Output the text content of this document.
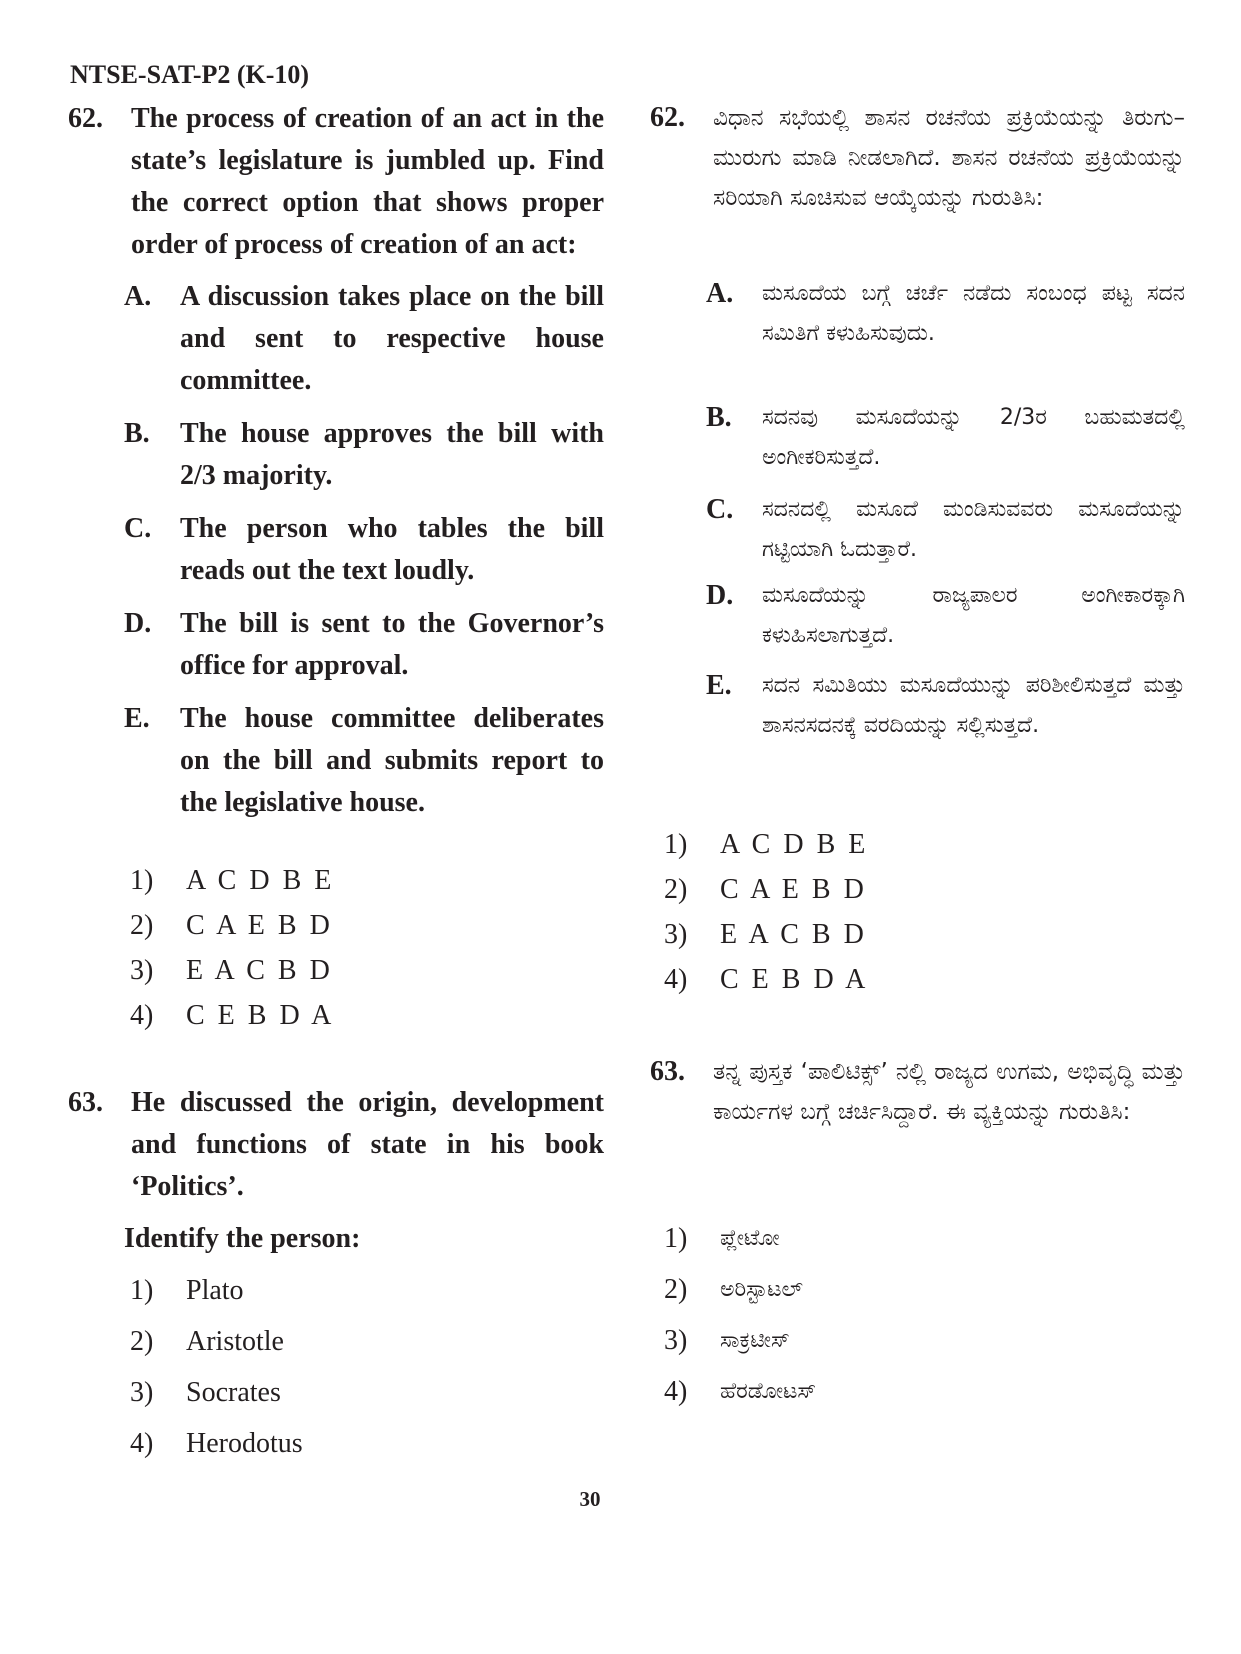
NTSE-SAT-P2 (K-10)
62.	The process of creation of an act in the state’s legislature is jumbled up. Find the correct option that shows proper order of process of creation of an act:
A.	A discussion takes place on the bill and sent to respective house committee.
B.	The house approves the bill with 2/3 majority.
C.	The person who tables the bill reads out the text loudly.
D.	The bill is sent to the Governor’s office for approval.
E.	The house committee deliberates on the bill and submits report to the legislative house.
1)	A C D B E
2)	C A E B D
3)	E A C B D
4)	C E B D A
63.	He discussed the origin, development and functions of state in his book ‘Politics’.
Identify the person:
1)	Plato
2)	Aristotle
3)	Socrates
4)	Herodotus
62.	ವಿಧಾನ ಸಭೆಯಲ್ಲಿ ಶಾಸನ ರಚನೆಯ ಪ್ರಕ್ರಿಯೆಯನ್ನು ತಿರುಗು–ಮುರುಗು ಮಾಡಿ ನೀಡಲಾಗಿದೆ. ಶಾಸನ ರಚನೆಯ ಪ್ರಕ್ರಿಯೆಯನ್ನು ಸರಿಯಾಗಿ ಸೂಚಿಸುವ ಆಯ್ಕೆಯನ್ನು ಗುರುತಿಸಿ:
A.	ಮಸೂದೆಯ ಬಗ್ಗೆ ಚರ್ಚೆ ನಡೆದು ಸಂಬಂಧ ಪಟ್ಟ ಸದನ ಸಮಿತಿಗೆ ಕಳುಹಿಸುವುದು.
B.	ಸದನವು ಮಸೂದೆಯನ್ನು 2/3ರ ಬಹುಮತದಲ್ಲಿ ಅಂಗೀಕರಿಸುತ್ತದೆ.
C.	ಸದನದಲ್ಲಿ ಮಸೂದೆ ಮಂಡಿಸುವವರು ಮಸೂದೆಯನ್ನು ಗಟ್ಟಿಯಾಗಿ ಓದುತ್ತಾರೆ.
D.	ಮಸೂದೆಯನ್ನು ರಾಜ್ಯಪಾಲರ ಅಂಗೀಕಾರಕ್ಕಾಗಿ ಕಳುಹಿಸಲಾಗುತ್ತದೆ.
E.	ಸದನ ಸಮಿತಿಯು ಮಸೂದೆಯುನ್ನು ಪರಿಶೀಲಿಸುತ್ತದೆ ಮತ್ತು ಶಾಸನಸದನಕ್ಕೆ ವರದಿಯನ್ನು ಸಲ್ಲಿಸುತ್ತದೆ.
1)	A C D B E
2)	C A E B D
3)	E A C B D
4)	C E B D A
63.	ತನ್ನ ಪುಸ್ತಕ ‘ಪಾಲಿಟಿಕ್ಸ್’ ನಲ್ಲಿ ರಾಜ್ಯದ ಉಗಮ, ಅಭಿವೃದ್ಧಿ ಮತ್ತು ಕಾರ್ಯಗಳ ಬಗ್ಗೆ ಚರ್ಚಿಸಿದ್ದಾರೆ. ಈ ವ್ಯಕ್ತಿಯನ್ನು ಗುರುತಿಸಿ:
1)	ಪ್ಲೇಟೋ
2)	ಅರಿಸ್ಟಾಟಲ್
3)	ಸಾಕ್ರಟೀಸ್
4)	ಹೆರಡೋಟಸ್
30
